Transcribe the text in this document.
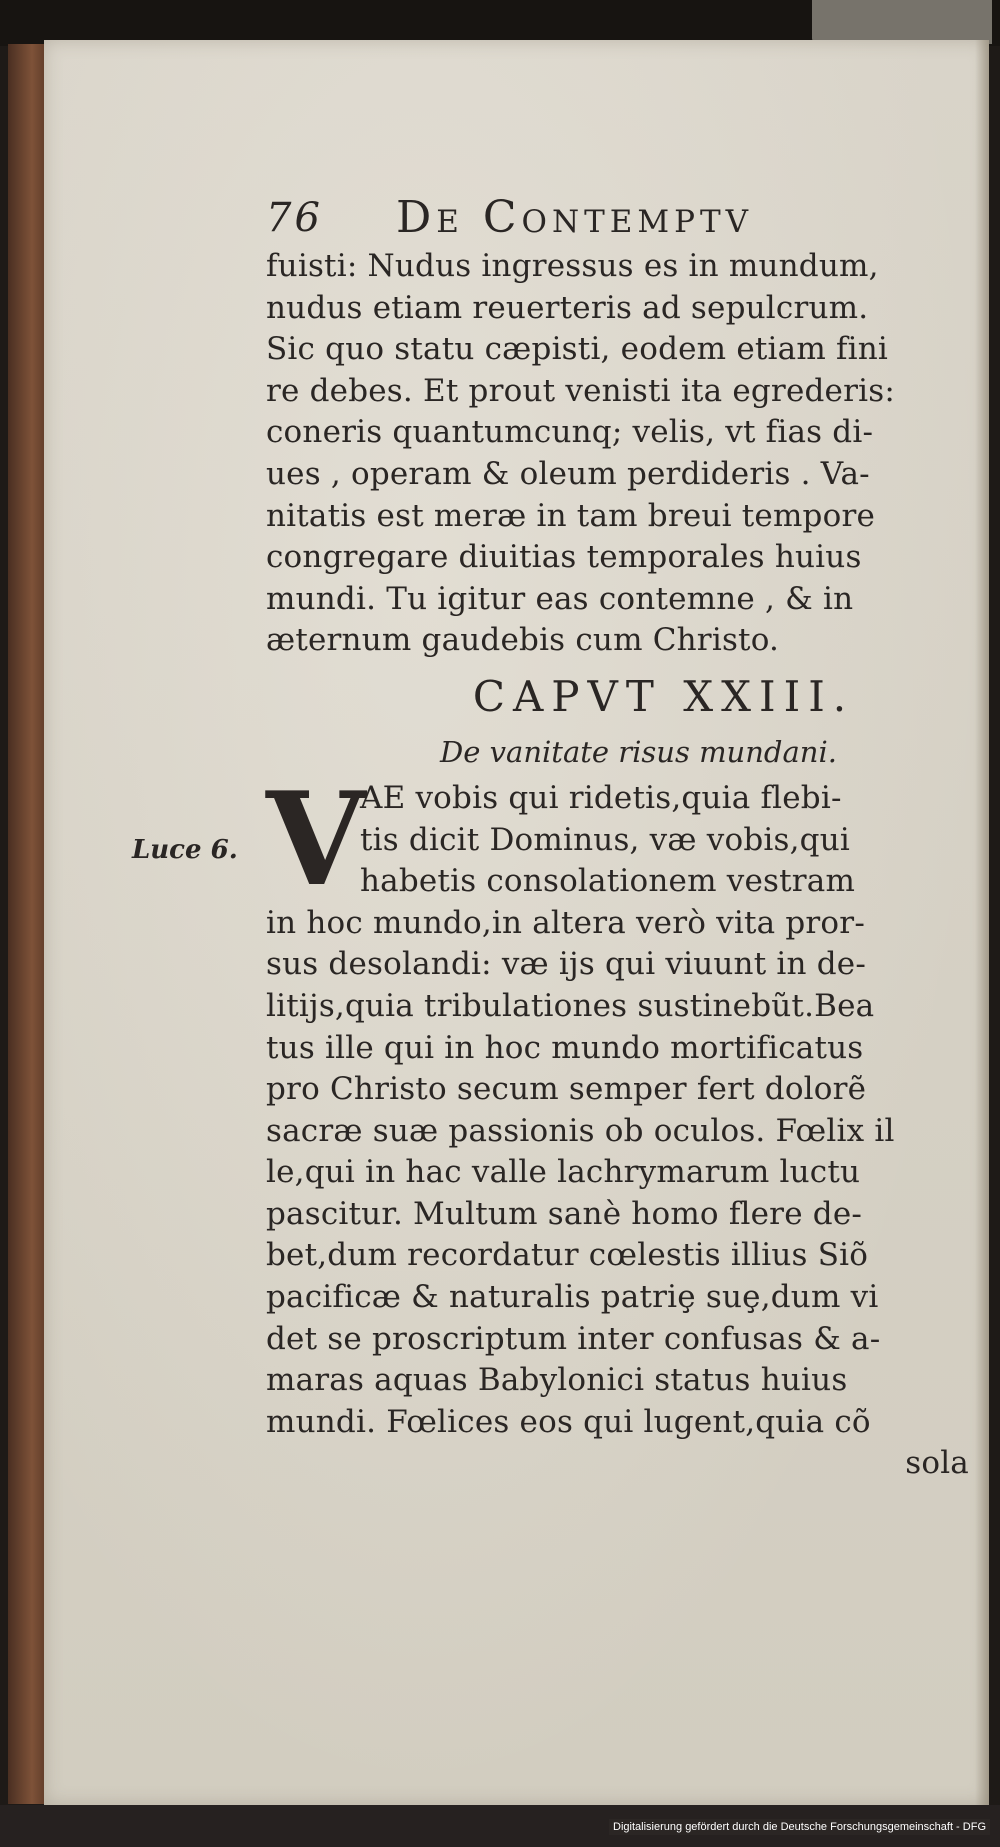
Luce 6.
76 De Contemptv
fuisti: Nudus ingressus es in mundum,
nudus etiam reuerteris ad sepulcrum.
Sic quo statu cæpisti, eodem etiam fini
re debes. Et prout venisti ita egrederis:
coneris quantumcunq; velis, vt fias di-
ues , operam & oleum perdideris . Va-
nitatis est meræ in tam breui tempore
congregare diuitias temporales huius
mundi. Tu igitur eas contemne , & in
æternum gaudebis cum Christo.
CAPVT XXIII.
De vanitate risus mundani.
V
AE vobis qui ridetis,quia flebi-
tis dicit Dominus, væ vobis,qui
habetis consolationem vestram
in hoc mundo,in altera verò vita pror-
sus desolandi: væ ijs qui viuunt in de-
litijs,quia tribulationes sustinebũt.Bea
tus ille qui in hoc mundo mortificatus
pro Christo secum semper fert dolorẽ
sacræ suæ passionis ob oculos. Fœlix il
le,qui in hac valle lachrymarum luctu
pascitur. Multum sanè homo flere de-
bet,dum recordatur cœlestis illius Siõ
pacificæ & naturalis patriȩ suȩ,dum vi
det se proscriptum inter confusas & a-
maras aquas Babylonici status huius
mundi. Fœlices eos qui lugent,quia cõ
sola
Digitalisierung gefördert durch die Deutsche Forschungsgemeinschaft - DFG
